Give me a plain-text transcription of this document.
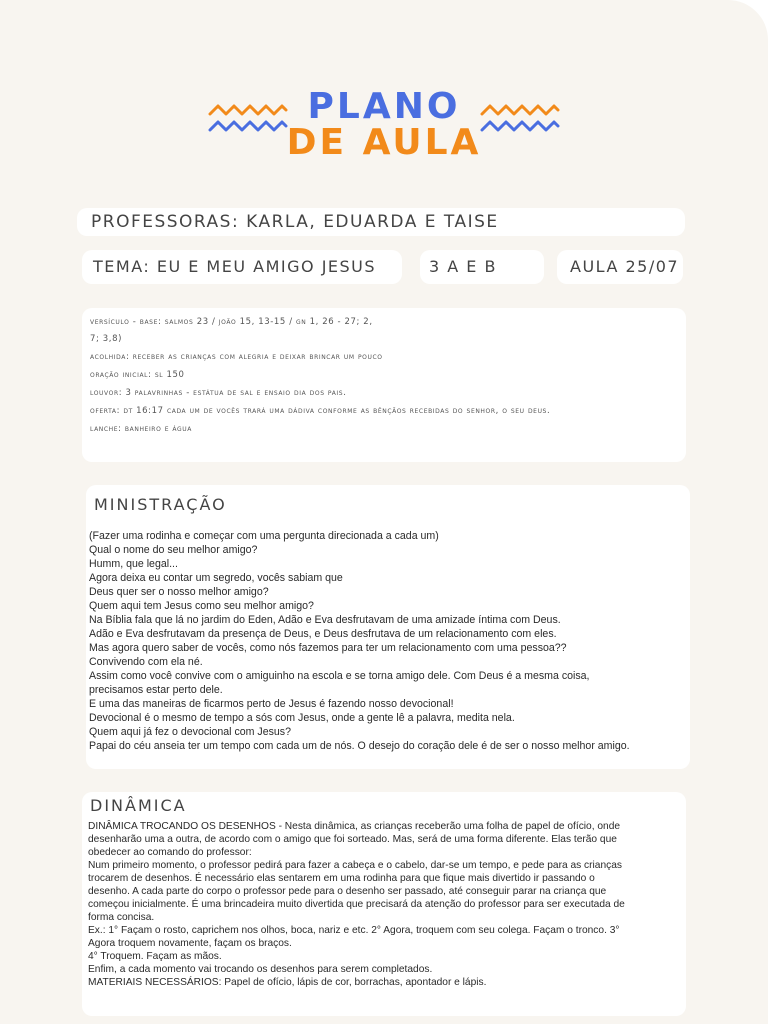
PLANO
DE AULA
PROFESSORAS: KARLA, EDUARDA E TAISE
TEMA: EU E MEU AMIGO JESUS	3 A E B	AULA 25/07
versículo - base: salmos 23 / joão 15, 13-15 / gn 1, 26 - 27; 2,
7; 3,8)
acolhida: receber as crianças com alegria e deixar brincar um pouco
oração inicial: sl 150
louvor: 3 palavrinhas - estátua de sal e ensaio dia dos pais.
oferta: dt 16:17 cada um de vocês trará uma dádiva conforme as bênçãos recebidas do senhor, o seu deus.
lanche: banheiro e água
MINISTRAÇÃO
(Fazer uma rodinha e começar com uma pergunta direcionada a cada um)
Qual o nome do seu melhor amigo?
Humm, que legal...
Agora deixa eu contar um segredo, vocês sabiam que
Deus quer ser o nosso melhor amigo?
Quem aqui tem Jesus como seu melhor amigo?
Na Bíblia fala que lá no jardim do Eden, Adão e Eva desfrutavam de uma amizade íntima com Deus.
Adão e Eva desfrutavam da presença de Deus, e Deus desfrutava de um relacionamento com eles.
Mas agora quero saber de vocês, como nós fazemos para ter um relacionamento com uma pessoa??
Convivendo com ela né.
Assim como você convive com o amiguinho na escola e se torna amigo dele. Com Deus é a mesma coisa,
precisamos estar perto dele.
E uma das maneiras de ficarmos perto de Jesus é fazendo nosso devocional!
Devocional é o mesmo de tempo a sós com Jesus, onde a gente lê a palavra, medita nela.
Quem aqui já fez o devocional com Jesus?
Papai do céu anseia ter um tempo com cada um de nós. O desejo do coração dele é de ser o nosso melhor amigo.
DINÂMICA
DINÂMICA TROCANDO OS DESENHOS - Nesta dinâmica, as crianças receberão uma folha de papel de ofício, onde
desenharão uma a outra, de acordo com o amigo que foi sorteado. Mas, será de uma forma diferente. Elas terão que
obedecer ao comando do professor:
Num primeiro momento, o professor pedirá para fazer a cabeça e o cabelo, dar-se um tempo, e pede para as crianças
trocarem de desenhos. É necessário elas sentarem em uma rodinha para que fique mais divertido ir passando o
desenho. A cada parte do corpo o professor pede para o desenho ser passado, até conseguir parar na criança que
começou inicialmente. É uma brincadeira muito divertida que precisará da atenção do professor para ser executada de
forma concisa.
Ex.: 1° Façam o rosto, caprichem nos olhos, boca, nariz e etc. 2° Agora, troquem com seu colega. Façam o tronco. 3°
Agora troquem novamente, façam os braços.
4° Troquem. Façam as mãos.
Enfim, a cada momento vai trocando os desenhos para serem completados.
MATERIAIS NECESSÁRIOS: Papel de ofício, lápis de cor, borrachas, apontador e lápis.
